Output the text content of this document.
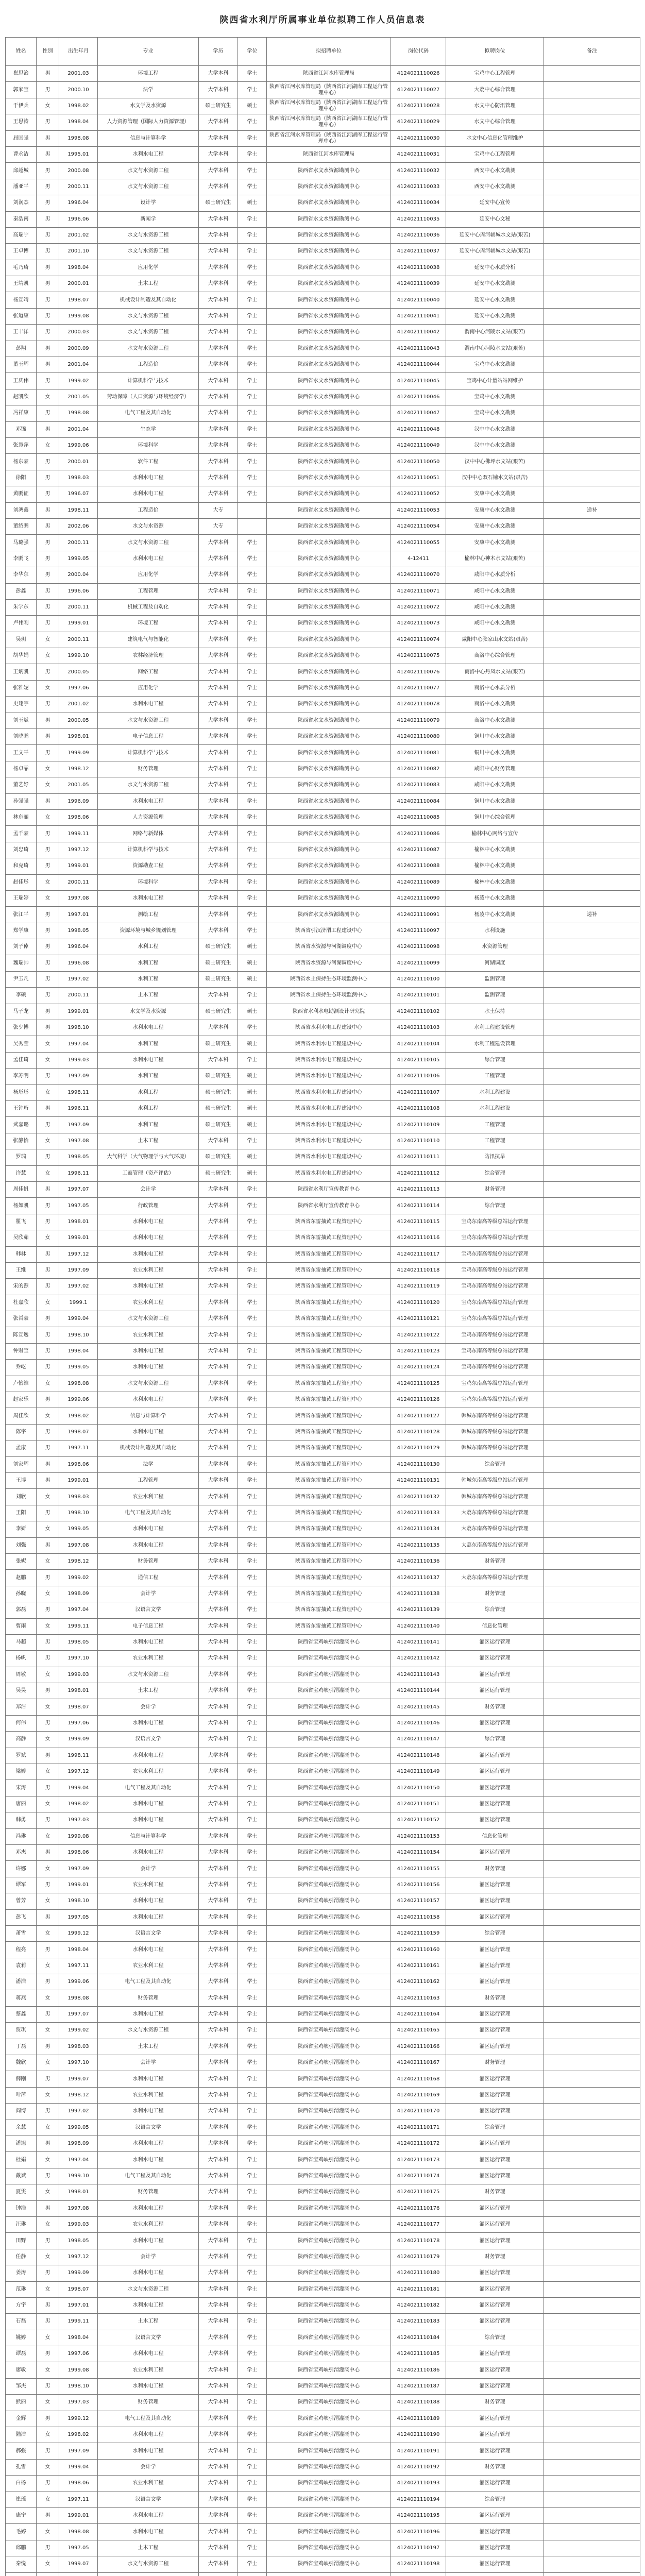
陕西省水利厅所属事业单位拟聘工作人员信息表
姓名	性别	出生年月	专业	学历	学位	拟招聘单位	岗位代码	拟聘岗位	备注
崔思治	男	2001.03	环境工程	大学本科	学士	陕西省江河水库管理局	4124021110026	宝鸡中心工程管理	
郭家宝	男	2000.10	法学	大学本科	学士	陕西省江河水库管理局（陕西省江河湖库工程运行管理中心）	4124021110027	大荔中心综合管理	
于伊兵	女	1998.02	水文学及水资源	硕士研究生	硕士	陕西省江河水库管理局（陕西省江河湖库工程运行管理中心）	4124021110028	水文中心防汛管理	
王思涛	男	1998.04	人力资源管理（国际人力资源管理）	大学本科	学士	陕西省江河水库管理局（陕西省江河湖库工程运行管理中心）	4124021110029	水文中心综合管理	
屈国强	男	1998.08	信息与计算科学	大学本科	学士	陕西省江河水库管理局（陕西省江河湖库工程运行管理中心）	4124021110030	水文中心信息化管理维护	
曹永洁	男	1995.01	水利水电工程	大学本科	学士	陕西省江河水库管理局	4124021110031	宝鸡中心工程管理	
邱超城	男	2000.08	水文与水资源工程	大学本科	学士	陕西省水文水资源勘测中心	4124021110032	西安中心水文勘测	
潘亚平	男	2000.11	水文与水资源工程	大学本科	学士	陕西省水文水资源勘测中心	4124021110033	西安中心水文勘测	
刘润杰	男	1996.04	设计学	硕士研究生	硕士	陕西省水文水资源勘测中心	4124021110034	延安中心宣传	
秦浩南	男	1996.06	新闻学	大学本科	学士	陕西省水文水资源勘测中心	4124021110035	延安中心文秘	
高瑞宁	男	2001.02	水文与水资源工程	大学本科	学士	陕西省水文水资源勘测中心	4124021110036	延安中心周河辅城水文站(艰苦)	
王卓博	男	2001.10	水文与水资源工程	大学本科	学士	陕西省水文水资源勘测中心	4124021110037	延安中心周河辅城水文站(艰苦)	
毛乃琦	男	1998.04	应用化学	大学本科	学士	陕西省水文水资源勘测中心	4124021110038	延安中心水质分析	
王靖凯	男	2000.01	土木工程	大学本科	学士	陕西省水文水资源勘测中心	4124021110039	延安中心水文勘测	
杨宣靖	男	1998.07	机械设计制造及其自动化	大学本科	学士	陕西省水文水资源勘测中心	4124021110040	延安中心水文勘测	
张道康	男	1999.08	水文与水资源工程	大学本科	学士	陕西省水文水资源勘测中心	4124021110041	延安中心水文勘测	
王丰洋	男	2000.03	水文与水资源工程	大学本科	学士	陕西省水文水资源勘测中心	4124021110042	渭南中心河陵水文站(艰苦)	
彭翔	男	2000.09	水文与水资源工程	大学本科	学士	陕西省水文水资源勘测中心	4124021110043	渭南中心河陵水文站(艰苦)	
董玉辉	男	2001.04	工程造价	大学本科	学士	陕西省水文水资源勘测中心	4124021110044	宝鸡中心水文勘测	
王庆伟	男	1999.02	计算机科学与技术	大学本科	学士	陕西省水文水资源勘测中心	4124021110045	宝鸡中心计量站站网维护	
赵凯欣	女	2001.05	劳动保障（人口资源与环境经济学）	大学本科	学士	陕西省水文水资源勘测中心	4124021110046	宝鸡中心水文勘测	
冯祥康	男	1998.08	电气工程及其自动化	大学本科	学士	陕西省水文水资源勘测中心	4124021110047	宝鸡中心水文勘测	
邓锦	男	2001.04	生态学	大学本科	学士	陕西省水文水资源勘测中心	4124021110048	汉中中心水文勘测	
张慧萍	女	1999.06	环境科学	大学本科	学士	陕西省水文水资源勘测中心	4124021110049	汉中中心水文勘测	
杨东豪	男	2000.01	软件工程	大学本科	学士	陕西省水文水资源勘测中心	4124021110050	汉中中心佛坪水文站(艰苦)	
徐阳	男	1998.03	水利水电工程	大学本科	学士	陕西省水文水资源勘测中心	4124021110051	汉中中心双石铺水文站(艰苦)	
黄鹏征	男	1996.07	水利水电工程	大学本科	学士	陕西省水文水资源勘测中心	4124021110052	安康中心水文勘测	
刘鸿鑫	男	1998.11	工程造价	大专		陕西省水文水资源勘测中心	4124021110053	安康中心水文勘测	递补
董绍鹏	男	2002.06	水文与水资源	大专		陕西省水文水资源勘测中心	4124021110054	安康中心水文勘测	
马璐强	男	2000.11	水文与水资源工程	大学本科	学士	陕西省水文水资源勘测中心	4124021110055	安康中心水文勘测	
李鹏飞	男	1999.05	水利水电工程	大学本科	学士	陕西省水文水资源勘测中心	4-12411	榆林中心神木水文站(艰苦)	
李华东	男	2000.04	应用化学	大学本科	学士	陕西省水文水资源勘测中心	4124021110070	咸阳中心水质分析	
彭鑫	男	1996.06	工程管理	大学本科	学士	陕西省水文水资源勘测中心	4124021110071	咸阳中心水文勘测	
朱学东	男	2000.11	机械工程及自动化	大学本科	学士	陕西省水文水资源勘测中心	4124021110072	咸阳中心水文勘测	
卢伟刚	男	1999.01	环境工程	大学本科	学士	陕西省水文水资源勘测中心	4124021110073	咸阳中心水文勘测	
吴玥	女	2000.11	建筑电气与智能化	大学本科	学士	陕西省水文水资源勘测中心	4124021110074	咸阳中心张家山水文站(艰苦)	
胡华娟	女	1999.10	农林经济管理	大学本科	学士	陕西省水文水资源勘测中心	4124021110075	商洛中心综合管理	
王炳凯	男	2000.05	网络工程	大学本科	学士	陕西省水文水资源勘测中心	4124021110076	商洛中心丹凤水文站(艰苦)	
张雅妮	女	1997.06	应用化学	大学本科	学士	陕西省水文水资源勘测中心	4124021110077	商洛中心水质分析	
史翔宇	男	2001.02	水利水电工程	大学本科	学士	陕西省水文水资源勘测中心	4124021110078	商洛中心水文勘测	
刘玉斌	男	2000.05	水文与水资源工程	大学本科	学士	陕西省水文水资源勘测中心	4124021110079	商洛中心水文勘测	
刘晓鹏	男	1998.01	电子信息工程	大学本科	学士	陕西省水文水资源勘测中心	4124021110080	铜川中心水文勘测	
王文平	男	1999.09	计算机科学与技术	大学本科	学士	陕西省水文水资源勘测中心	4124021110081	铜川中心水文勘测	
杨卓霏	女	1998.12	财务管理	大学本科	学士	陕西省水文水资源勘测中心	4124021110082	咸阳中心财务管理	
董艺妤	女	2001.05	水文与水资源工程	大学本科	学士	陕西省水文水资源勘测中心	4124021110083	咸阳中心水文勘测	
孙强强	男	1996.09	水利水电工程	大学本科	学士	陕西省水文水资源勘测中心	4124021110084	铜川中心水文勘测	
林东丽	女	1998.06	人力资源管理	大学本科	学士	陕西省水文水资源勘测中心	4124021110085	铜川中心综合管理	
孟千豪	男	1999.11	网络与新媒体	大学本科	学士	陕西省水文水资源勘测中心	4124021110086	榆林中心网络与宣传	
刘忠琦	男	1997.12	计算机科学与技术	大学本科	学士	陕西省水文水资源勘测中心	4124021110087	榆林中心水文勘测	
和克琦	男	1999.01	资源勘查工程	大学本科	学士	陕西省水文水资源勘测中心	4124021110088	榆林中心水文勘测	
赵佳彤	女	2000.11	环境科学	大学本科	学士	陕西省水文水资源勘测中心	4124021110089	榆林中心水文勘测	
王瑞婷	女	1997.08	水利水电工程	大学本科	学士	陕西省水文水资源勘测中心	4124021110090	杨凌中心水文勘测	
张江平	男	1997.01	测绘工程	大学本科	学士	陕西省水文水资源勘测中心	4124021110091	杨凌中心水文勘测	递补
郑学康	男	1998.05	资源环境与城乡规划管理	大学本科	学士	陕西省引汉济渭工程建设中心	4124021110097	水利设施	
刘子倬	男	1996.04	水利工程	硕士研究生	硕士	陕西省水资源与河湖调度中心	4124021110098	水资源管理	
魏瑞帅	男	1996.08	水利工程	硕士研究生	硕士	陕西省水资源与河湖调度中心	4124021110099	河湖调度	
尹玉凡	男	1997.02	水利工程	硕士研究生	硕士	陕西省水土保持生态环境监测中心	4124021110100	监测管理	
李硕	男	2000.11	土木工程	大学本科	学士	陕西省水土保持生态环境监测中心	4124021110101	监测管理	
马子龙	男	1999.01	水文学及水资源	硕士研究生	硕士	陕西省水利水电勘测设计研究院	4124021110102	水土保持	
张少博	男	1998.10	水利水电工程	大学本科	学士	陕西省水利水电工程建设中心	4124021110103	水利工程建设管理	
吴秀莹	女	1997.04	水利工程	硕士研究生	硕士	陕西省水利水电工程建设中心	4124021110104	水利工程建设管理	
孟佳琦	女	1999.03	水利水电工程	大学本科	学士	陕西省水利水电工程建设中心	4124021110105	综合管理	
李苏明	男	1997.09	水利工程	硕士研究生	硕士	陕西省水利水电工程建设中心	4124021110106	工程管理	
杨彤彤	女	1998.11	水利工程	硕士研究生	硕士	陕西省水利水电工程建设中心	4124021110107	水利工程建设	
王钟珩	男	1996.11	水利工程	硕士研究生	硕士	陕西省水利水电工程建设中心	4124021110108	水利工程建设	
武嘉璐	男	1997.09	水利工程	硕士研究生	硕士	陕西省水利水电工程建设中心	4124021110109	工程管理	
张静怡	女	1997.08	土木工程	大学本科	学士	陕西省水利水电工程建设中心	4124021110110	工程管理	
罗瑞	男	1998.05	大气科学（大气物理学与大气环境）	硕士研究生	硕士	陕西省水利水电工程建设中心	4124021110111	防汛抗旱	
许慧	女	1996.11	工商管理（资产评估）	硕士研究生	硕士	陕西省水利水电工程建设中心	4124021110112	综合管理	
周佳帆	男	1997.07	会计学	大学本科	学士	陕西省水利厅宣传教育中心	4124021110113	财务管理	
杨如凯	男	1997.05	行政管理	大学本科	学士	陕西省水利厅宣传教育中心	4124021110114	综合管理	
瞿飞	男	1998.01	水利水电工程	大学本科	学士	陕西省东雷抽黄工程管理中心	4124021110115	宝鸡东南高等级总站运行管理	
吴欣茹	女	1999.01	水利水电工程	大学本科	学士	陕西省东雷抽黄工程管理中心	4124021110116	宝鸡东南高等级总站运行管理	
韩林	男	1997.12	水利水电工程	大学本科	学士	陕西省东雷抽黄工程管理中心	4124021110117	宝鸡东南高等级总站运行管理	
王维	男	1997.09	农业水利工程	大学本科	学士	陕西省东雷抽黄工程管理中心	4124021110118	宝鸡东南高等级总站运行管理	
宋的源	男	1997.02	水利水电工程	大学本科	学士	陕西省东雷抽黄工程管理中心	4124021110119	宝鸡东南高等级总站运行管理	
杜嘉欣	女	1999.1	农业水利工程	大学本科	学士	陕西省东雷抽黄工程管理中心	4124021110120	宝鸡东南高等级总站运行管理	
张哲豪	男	1999.04	水文与水资源工程	大学本科	学士	陕西省东雷抽黄工程管理中心	4124021110121	宝鸡东南高等级总站运行管理	
陈宣逸	男	1998.10	农业水利工程	大学本科	学士	陕西省东雷抽黄工程管理中心	4124021110122	宝鸡东南高等级总站运行管理	
钟财宝	男	1998.04	水利水电工程	大学本科	学士	陕西省东雷抽黄工程管理中心	4124021110123	宝鸡东南高等级总站运行管理	
乔屹	男	1999.05	水利水电工程	大学本科	学士	陕西省东雷抽黄工程管理中心	4124021110124	宝鸡东南高等级总站运行管理	
卢怡维	女	1998.08	水文与水资源工程	大学本科	学士	陕西省东雷抽黄工程管理中心	4124021110125	宝鸡东南高等级总站运行管理	
赵家乐	男	1999.06	水利水电工程	大学本科	学士	陕西省东雷抽黄工程管理中心	4124021110126	宝鸡东南高等级总站运行管理	
周佳欣	女	1998.02	信息与计算科学	大学本科	学士	陕西省东雷抽黄工程管理中心	4124021110127	韩城东南高等级总站运行管理	
陈宇	男	1998.07	水利水电工程	大学本科	学士	陕西省东雷抽黄工程管理中心	4124021110128	韩城东南高等级总站运行管理	
孟康	男	1997.11	机械设计制造及其自动化	大学本科	学士	陕西省东雷抽黄工程管理中心	4124021110129	韩城东南高等级总站运行管理	
刘家辉	男	1998.06	法学	大学本科	学士	陕西省东雷抽黄工程管理中心	4124021110130	综合管理	
王博	男	1999.01	工程管理	大学本科	学士	陕西省东雷抽黄工程管理中心	4124021110131	韩城东南高等级总站运行管理	
刘欣	女	1998.03	农业水利工程	大学本科	学士	陕西省东雷抽黄工程管理中心	4124021110132	韩城东南高等级总站运行管理	
王阳	男	1998.10	电气工程及其自动化	大学本科	学士	陕西省东雷抽黄工程管理中心	4124021110133	大荔东南高等级总站运行管理	
李妍	女	1999.05	水利水电工程	大学本科	学士	陕西省东雷抽黄工程管理中心	4124021110134	大荔东南高等级总站运行管理	
刘强	男	1997.08	水利水电工程	大学本科	学士	陕西省东雷抽黄工程管理中心	4124021110135	大荔东南高等级总站运行管理	
张妮	女	1998.12	财务管理	大学本科	学士	陕西省东雷抽黄工程管理中心	4124021110136	财务管理	
赵鹏	男	1999.02	通信工程	大学本科	学士	陕西省东雷抽黄工程管理中心	4124021110137	大荔东南高等级总站运行管理	
孙晓	女	1998.09	会计学	大学本科	学士	陕西省东雷抽黄工程管理中心	4124021110138	财务管理	
郭磊	男	1997.04	汉语言文学	大学本科	学士	陕西省东雷抽黄工程管理中心	4124021110139	综合管理	
曹雨	女	1999.11	电子信息工程	大学本科	学士	陕西省东雷抽黄工程管理中心	4124021110140	信息化管理	
马超	男	1998.05	水利水电工程	大学本科	学士	陕西省宝鸡峡引渭灌溉中心	4124021110141	灌区运行管理	
杨帆	男	1997.10	农业水利工程	大学本科	学士	陕西省宝鸡峡引渭灌溉中心	4124021110142	灌区运行管理	
周敏	女	1999.03	水文与水资源工程	大学本科	学士	陕西省宝鸡峡引渭灌溉中心	4124021110143	灌区运行管理	
吴昊	男	1998.01	土木工程	大学本科	学士	陕西省宝鸡峡引渭灌溉中心	4124021110144	灌区运行管理	
郑洁	女	1998.07	会计学	大学本科	学士	陕西省宝鸡峡引渭灌溉中心	4124021110145	财务管理	
何伟	男	1997.06	水利水电工程	大学本科	学士	陕西省宝鸡峡引渭灌溉中心	4124021110146	灌区运行管理	
高静	女	1999.09	汉语言文学	大学本科	学士	陕西省宝鸡峡引渭灌溉中心	4124021110147	综合管理	
罗斌	男	1998.11	水利水电工程	大学本科	学士	陕西省宝鸡峡引渭灌溉中心	4124021110148	灌区运行管理	
梁婷	女	1997.12	农业水利工程	大学本科	学士	陕西省宝鸡峡引渭灌溉中心	4124021110149	灌区运行管理	
宋涛	男	1999.04	电气工程及其自动化	大学本科	学士	陕西省宝鸡峡引渭灌溉中心	4124021110150	灌区运行管理	
唐丽	女	1998.02	水利水电工程	大学本科	学士	陕西省宝鸡峡引渭灌溉中心	4124021110151	灌区运行管理	
韩勇	男	1997.03	水利水电工程	大学本科	学士	陕西省宝鸡峡引渭灌溉中心	4124021110152	灌区运行管理	
冯琳	女	1999.08	信息与计算科学	大学本科	学士	陕西省宝鸡峡引渭灌溉中心	4124021110153	信息化管理	
邓杰	男	1998.06	水利水电工程	大学本科	学士	陕西省宝鸡峡引渭灌溉中心	4124021110154	灌区运行管理	
许娜	女	1997.09	会计学	大学本科	学士	陕西省宝鸡峡引渭灌溉中心	4124021110155	财务管理	
谭军	男	1999.01	农业水利工程	大学本科	学士	陕西省宝鸡峡引渭灌溉中心	4124021110156	灌区运行管理	
曾芳	女	1998.10	水利水电工程	大学本科	学士	陕西省宝鸡峡引渭灌溉中心	4124021110157	灌区运行管理	
彭飞	男	1997.05	水利水电工程	大学本科	学士	陕西省宝鸡峡引渭灌溉中心	4124021110158	灌区运行管理	
萧雪	女	1999.12	汉语言文学	大学本科	学士	陕西省宝鸡峡引渭灌溉中心	4124021110159	综合管理	
程亮	男	1998.04	水利水电工程	大学本科	学士	陕西省宝鸡峡引渭灌溉中心	4124021110160	灌区运行管理	
袁莉	女	1997.11	农业水利工程	大学本科	学士	陕西省宝鸡峡引渭灌溉中心	4124021110161	灌区运行管理	
潘浩	男	1999.06	电气工程及其自动化	大学本科	学士	陕西省宝鸡峡引渭灌溉中心	4124021110162	灌区运行管理	
蒋燕	女	1998.08	财务管理	大学本科	学士	陕西省宝鸡峡引渭灌溉中心	4124021110163	财务管理	
蔡鑫	男	1997.07	水利水电工程	大学本科	学士	陕西省宝鸡峡引渭灌溉中心	4124021110164	灌区运行管理	
贾琪	女	1999.02	水文与水资源工程	大学本科	学士	陕西省宝鸡峡引渭灌溉中心	4124021110165	灌区运行管理	
丁磊	男	1998.03	土木工程	大学本科	学士	陕西省宝鸡峡引渭灌溉中心	4124021110166	灌区运行管理	
魏欣	女	1997.10	会计学	大学本科	学士	陕西省宝鸡峡引渭灌溉中心	4124021110167	财务管理	
薛刚	男	1999.07	水利水电工程	大学本科	学士	陕西省宝鸡峡引渭灌溉中心	4124021110168	灌区运行管理	
叶萍	女	1998.12	农业水利工程	大学本科	学士	陕西省宝鸡峡引渭灌溉中心	4124021110169	灌区运行管理	
阎博	男	1997.02	水利水电工程	大学本科	学士	陕西省宝鸡峡引渭灌溉中心	4124021110170	灌区运行管理	
余慧	女	1999.05	汉语言文学	大学本科	学士	陕西省宝鸡峡引渭灌溉中心	4124021110171	综合管理	
潘旭	男	1998.09	水利水电工程	大学本科	学士	陕西省宝鸡峡引渭灌溉中心	4124021110172	灌区运行管理	
杜娟	女	1997.04	水利水电工程	大学本科	学士	陕西省宝鸡峡引渭灌溉中心	4124021110173	灌区运行管理	
戴斌	男	1999.10	电气工程及其自动化	大学本科	学士	陕西省宝鸡峡引渭灌溉中心	4124021110174	灌区运行管理	
夏雯	女	1998.01	财务管理	大学本科	学士	陕西省宝鸡峡引渭灌溉中心	4124021110175	财务管理	
钟浩	男	1997.08	水利水电工程	大学本科	学士	陕西省宝鸡峡引渭灌溉中心	4124021110176	灌区运行管理	
汪琳	女	1999.03	农业水利工程	大学本科	学士	陕西省宝鸡峡引渭灌溉中心	4124021110177	灌区运行管理	
田野	男	1998.05	水利水电工程	大学本科	学士	陕西省宝鸡峡引渭灌溉中心	4124021110178	灌区运行管理	
任静	女	1997.12	会计学	大学本科	学士	陕西省宝鸡峡引渭灌溉中心	4124021110179	财务管理	
姜涛	男	1999.09	水利水电工程	大学本科	学士	陕西省宝鸡峡引渭灌溉中心	4124021110180	灌区运行管理	
范琳	女	1998.07	水文与水资源工程	大学本科	学士	陕西省宝鸡峡引渭灌溉中心	4124021110181	灌区运行管理	
方宇	男	1997.01	水利水电工程	大学本科	学士	陕西省宝鸡峡引渭灌溉中心	4124021110182	灌区运行管理	
石磊	男	1999.11	土木工程	大学本科	学士	陕西省宝鸡峡引渭灌溉中心	4124021110183	灌区运行管理	
姚婷	女	1998.04	汉语言文学	大学本科	学士	陕西省宝鸡峡引渭灌溉中心	4124021110184	综合管理	
谭磊	男	1997.06	水利水电工程	大学本科	学士	陕西省宝鸡峡引渭灌溉中心	4124021110185	灌区运行管理	
廖敏	女	1999.08	农业水利工程	大学本科	学士	陕西省宝鸡峡引渭灌溉中心	4124021110186	灌区运行管理	
邹杰	男	1998.10	水利水电工程	大学本科	学士	陕西省宝鸡峡引渭灌溉中心	4124021110187	灌区运行管理	
熊丽	女	1997.03	财务管理	大学本科	学士	陕西省宝鸡峡引渭灌溉中心	4124021110188	财务管理	
金辉	男	1999.12	电气工程及其自动化	大学本科	学士	陕西省宝鸡峡引渭灌溉中心	4124021110189	灌区运行管理	
陆洁	女	1998.02	水利水电工程	大学本科	学士	陕西省宝鸡峡引渭灌溉中心	4124021110190	灌区运行管理	
郝强	男	1997.09	水利水电工程	大学本科	学士	陕西省宝鸡峡引渭灌溉中心	4124021110191	灌区运行管理	
孔雪	女	1999.04	会计学	大学本科	学士	陕西省宝鸡峡引渭灌溉中心	4124021110192	财务管理	
白杨	男	1998.06	农业水利工程	大学本科	学士	陕西省宝鸡峡引渭灌溉中心	4124021110193	灌区运行管理	
崔瑶	女	1997.11	汉语言文学	大学本科	学士	陕西省宝鸡峡引渭灌溉中心	4124021110194	综合管理	
康宁	男	1999.01	水利水电工程	大学本科	学士	陕西省宝鸡峡引渭灌溉中心	4124021110195	灌区运行管理	
毛婷	女	1998.08	水利水电工程	大学本科	学士	陕西省宝鸡峡引渭灌溉中心	4124021110196	灌区运行管理	
邱鹏	男	1997.05	土木工程	大学本科	学士	陕西省宝鸡峡引渭灌溉中心	4124021110197	灌区运行管理	
秦悦	女	1999.07	水文与水资源工程	大学本科	学士	陕西省宝鸡峡引渭灌溉中心	4124021110198	灌区运行管理	
